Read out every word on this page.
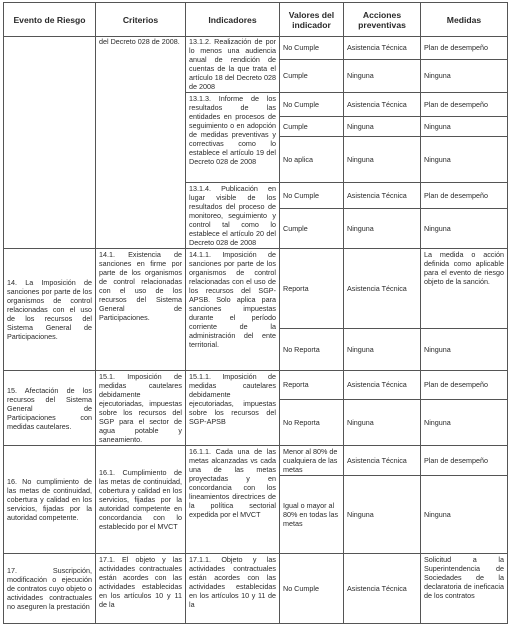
Evento de Riesgo	Criterios	Indicadores	Valores del indicador	Acciones preventivas	Medidas
	del Decreto 028 de 2008.	13.1.2. Realización de por lo menos una audiencia anual de rendición de cuentas de la que trata el artículo 18 del Decreto 028 de 2008	No Cumple	Asistencia Técnica	Plan de desempeño
			Cumple	Ninguna	Ninguna
		13.1.3. Informe de los resultados de las entidades en procesos de seguimiento o en adopción de medidas preventivas y correctivas como lo establece el artículo 19 del Decreto 028 de 2008	No Cumple	Asistencia Técnica	Plan de desempeño
			Cumple	Ninguna	Ninguna
			No aplica	Ninguna	Ninguna
		13.1.4. Publicación en lugar visible de los resultados del proceso de monitoreo, seguimiento y control tal como lo establece el artículo 20 del Decreto 028 de 2008	No Cumple	Asistencia Técnica	Plan de desempeño
			Cumple	Ninguna	Ninguna

14. La Imposición de sanciones por parte de los organismos de control relacionadas con el uso de los recursos del Sistema General de Participaciones.	14.1. Existencia de sanciones en firme por parte de los organismos de control relacionadas con el uso de los recursos del Sistema General de Participaciones.	14.1.1. Imposición de sanciones por parte de los organismos de control relacionadas con el uso de los recursos del SGP-APSB. Solo aplica para sanciones impuestas durante el período corriente de la administración del ente territorial.	Reporta	Asistencia Técnica	La medida o acción definida como aplicable para el evento de riesgo objeto de la sanción.
			No Reporta	Ninguna	Ninguna
15. Afectación de los recursos del Sistema General de Participaciones con medidas cautelares.	15.1. Imposición de medidas cautelares debidamente ejecutoriadas, impuestas sobre los recursos del SGP para el sector de agua potable y saneamiento.	15.1.1. Imposición de medidas cautelares debidamente ejecutoriadas, impuestas sobre los recursos del SGP-APSB	Reporta	Asistencia Técnica	Plan de desempeño
			No Reporta	Ninguna	Ninguna
16. No cumplimiento de las metas de continuidad, cobertura y calidad en los servicios, fijadas por la autoridad competente.	16.1. Cumplimiento de las metas de continuidad, cobertura y calidad en los servicios, fijadas por la autoridad competente en concordancia con lo establecido por el MVCT	16.1.1. Cada una de las metas alcanzadas vs cada una de las metas proyectadas y en concordancia con los lineamientos directrices de la política sectorial expedida por el MVCT	Menor al 80% de cualquiera de las metas	Asistencia Técnica	Plan de desempeño
			Igual o mayor al 80% en todas las metas	Ninguna	Ninguna
17. Suscripción, modificación o ejecución de contratos cuyo objeto o actividades contractuales no aseguren la prestación	17.1. El objeto y las actividades contractuales están acordes con las actividades establecidas en los artículos 10 y 11 de la	17.1.1. Objeto y las actividades contractuales están acordes con las actividades establecidas en los artículos 10 y 11 de la	No Cumple	Asistencia Técnica	Solicitud a la Superintendencia de Sociedades de la declaratoria de ineficacia de los contratos
